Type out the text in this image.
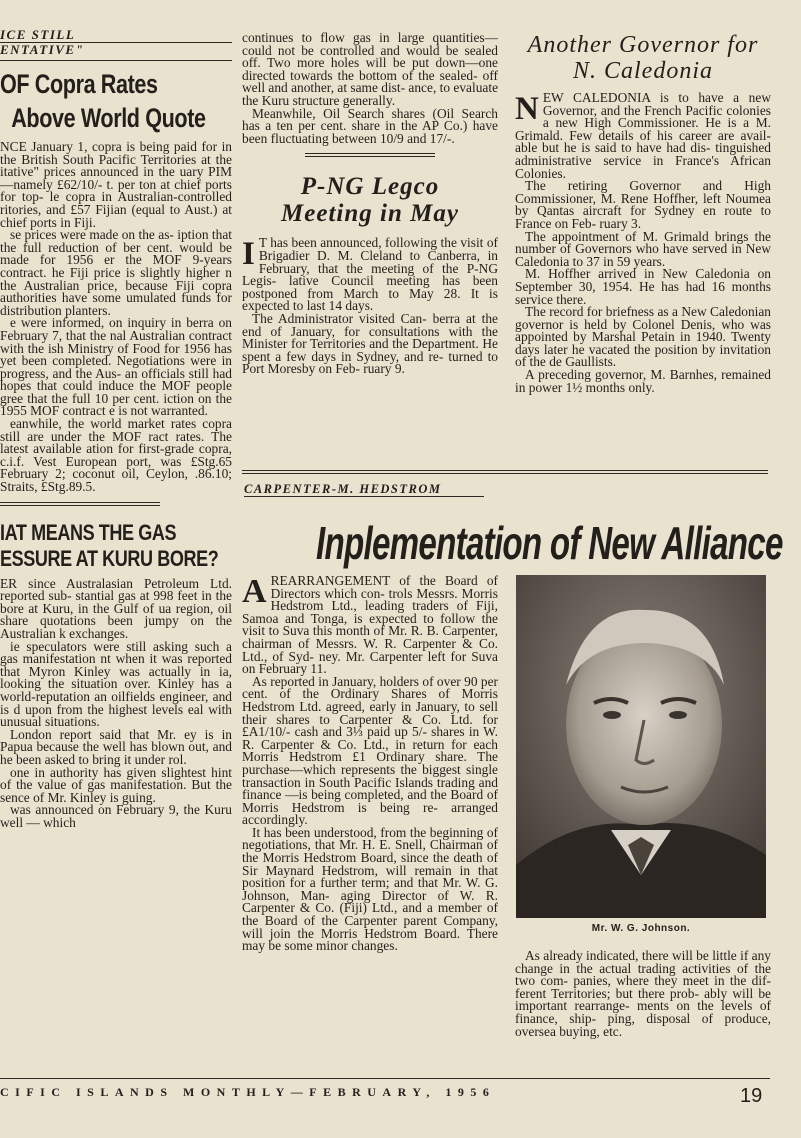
ICE STILL

ENTATIVE"

OF Copra Rates
Above World Quote

NCE January 1, copra is being paid for in the British South Pacific Territories at the itative" prices announced in the uary PIM—namely £62/10/- t. per ton at chief ports for top- le copra in Australian-controlled ritories, and £57 Fijian (equal to Aust.) at chief ports in Fiji.

se prices were made on the as- iption that the full reduction of ber cent. would be made for 1956 er the MOF 9-years contract. he Fiji price is slightly higher n the Australian price, because Fiji copra authorities have some umulated funds for distribution planters.

e were informed, on inquiry in berra on February 7, that the nal Australian contract with the ish Ministry of Food for 1956 has yet been completed. Negotiations were in progress, and the Aus- an officials still had hopes that could induce the MOF people gree that the full 10 per cent. iction on the 1955 MOF contract e is not warranted.

eanwhile, the world market rates copra still are under the MOF ract rates. The latest available ation for first-grade copra, c.i.f. Vest European port, was £Stg.65 February 2; coconut oil, Ceylon, .86.10; Straits, £Stg.89.5.

IAT MEANS THE GAS
ESSURE AT KURU BORE?

ER since Australasian Petroleum Ltd. reported sub- stantial gas at 998 feet in the bore at Kuru, in the Gulf of ua region, oil share quotations been jumpy on the Australian k exchanges.

ie speculators were still asking such a gas manifestation nt when it was reported that Myron Kinley was actually in ia, looking the situation over. Kinley has a world-reputation an oilfields engineer, and is d upon from the highest levels eal with unusual situations.

London report said that Mr. ey is in Papua because the well has blown out, and he been asked to bring it under rol.

one in authority has given slightest hint of the value of gas manifestation. But the sence of Mr. Kinley is guing.

was announced on February 9, the Kuru well — which

continues to flow gas in large quantities—could not be controlled and would be sealed off. Two more holes will be put down—one directed towards the bottom of the sealed- off well and another, at same dist- ance, to evaluate the Kuru structure generally.

Meanwhile, Oil Search shares (Oil Search has a ten per cent. share in the AP Co.) have been fluctuating between 10/9 and 17/-.

P-NG Legco Meeting in May
I T has been announced, following the visit of Brigadier D. M. Cleland to Canberra, in February, that the meeting of the P-NG Legis- lative Council meeting has been postponed from March to May 28. It is expected to last 14 days.

The Administrator visited Can- berra at the end of January, for consultations with the Minister for Territories and the Department. He spent a few days in Sydney, and re- turned to Port Moresby on Feb- ruary 9.

Another Governor for
N. Caledonia
N EW CALEDONIA is to have a new Governor, and the French Pacific colonies a new High Commissioner. He is a M. Grimald. Few details of his career are avail- able but he is said to have had dis- tinguished administrative service in France's African Colonies.

The retiring Governor and High Commissioner, M. Rene Hoffher, left Noumea by Qantas aircraft for Sydney en route to France on Feb- ruary 3.

The appointment of M. Grimald brings the number of Governors who have served in New Caledonia to 37 in 59 years.

M. Hoffher arrived in New Caledonia on September 30, 1954. He has had 16 months service there.

The record for briefness as a New Caledonian governor is held by Colonel Denis, who was appointed by Marshal Petain in 1940. Twenty days later he vacated the position by invitation of the de Gaullists.

A preceding governor, M. Barnhes, remained in power 1½ months only.

CARPENTER-M. HEDSTROM

Inplementation of New Alliance
A REARRANGEMENT of the Board of Directors which con- trols Messrs. Morris Hedstrom Ltd., leading traders of Fiji, Samoa and Tonga, is expected to follow the visit to Suva this month of Mr. R. B. Carpenter, chairman of Messrs. W. R. Carpenter & Co. Ltd., of Syd- ney. Mr. Carpenter left for Suva on February 11.

As reported in January, holders of over 90 per cent. of the Ordinary Shares of Morris Hedstrom Ltd. agreed, early in January, to sell their shares to Carpenter & Co. Ltd. for £A1/10/- cash and 3⅓ paid up 5/- shares in W. R. Carpenter & Co. Ltd., in return for each Morris Hedstrom £1 Ordinary share. The purchase—which represents the biggest single transaction in South Pacific Islands trading and finance —is being completed, and the Board of Morris Hedstrom is being re- arranged accordingly.

It has been understood, from the beginning of negotiations, that Mr. H. E. Snell, Chairman of the Morris Hedstrom Board, since the death of Sir Maynard Hedstrom, will remain in that position for a further term; and that Mr. W. G. Johnson, Man- aging Director of W. R. Carpenter & Co. (Fiji) Ltd., and a member of the Board of the Carpenter parent Company, will join the Morris Hedstrom Board. There may be some minor changes.

Mr. W. G. Johnson.

As already indicated, there will be little if any change in the actual trading activities of the two com- panies, where they meet in the dif- ferent Territories; but there prob- ably will be important rearrange- ments on the levels of finance, ship- ping, disposal of produce, oversea buying, etc.

CIFIC ISLANDS MONTHLY—FEBRUARY, 1956	19
